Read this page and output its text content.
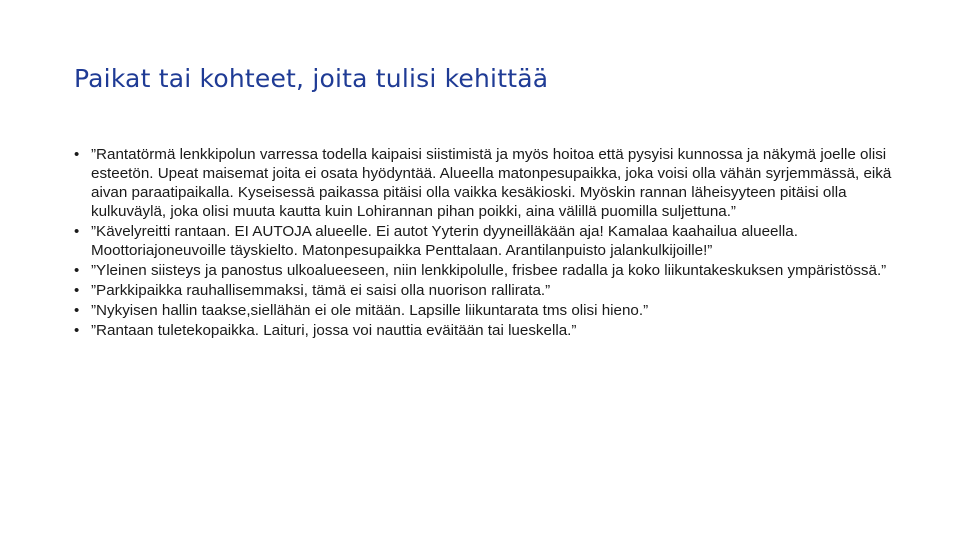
Paikat tai kohteet, joita tulisi kehittää
• ”Rantatörmä lenkkipolun varressa todella kaipaisi siistimistä ja myös hoitoa että pysyisi kunnossa ja näkymä joelle olisi esteetön. Upeat maisemat joita ei osata hyödyntää. Alueella matonpesupaikka, joka voisi olla vähän syrjemmässä, eikä aivan paraatipaikalla. Kyseisessä paikassa pitäisi olla vaikka kesäkioski. Myöskin rannan läheisyyteen pitäisi olla kulkuväylä, joka olisi muuta kautta kuin Lohirannan pihan poikki, aina välillä puomilla suljettuna.”
• ”Kävelyreitti rantaan. EI AUTOJA alueelle. Ei autot Yyterin dyyneilläkään aja! Kamalaa kaahailua alueella. Moottoriajoneuvoille täyskielto. Matonpesupaikka Penttalaan. Arantilanpuisto jalankulkijoille!”
• ”Yleinen siisteys ja panostus ulkoalueeseen, niin lenkkipolulle, frisbee radalla ja koko liikuntakeskuksen ympäristössä.”
• ”Parkkipaikka rauhallisemmaksi, tämä ei saisi olla nuorison rallirata.”
• ”Nykyisen hallin taakse,siellähän ei ole mitään. Lapsille liikuntarata tms olisi hieno.”
• ”Rantaan tuletekopaikka. Laituri, jossa voi nauttia eväitään tai lueskella.”
